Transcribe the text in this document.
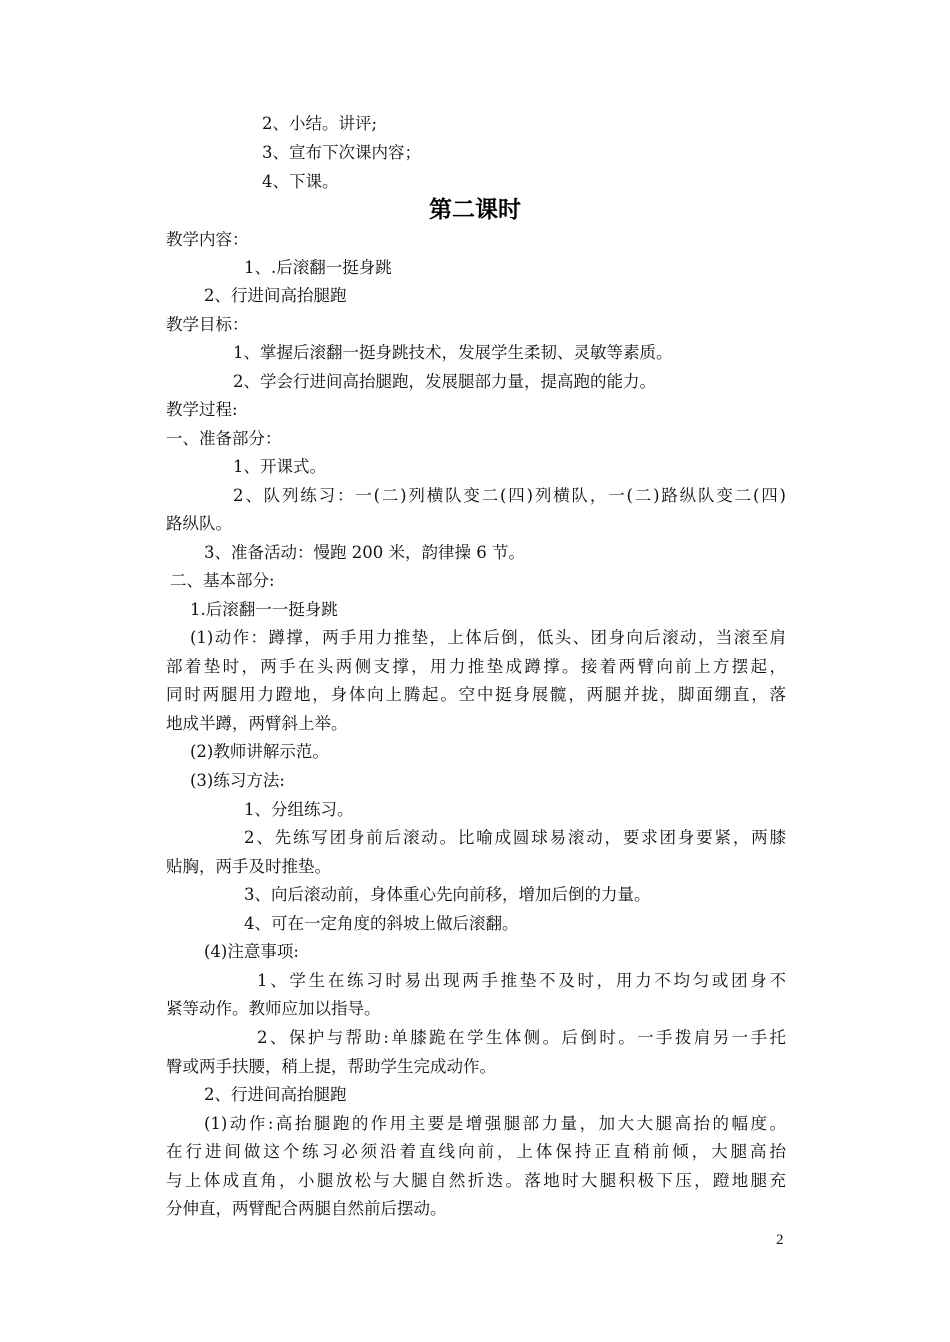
2、小结。讲评;
3、宣布下次课内容；
4、下课。
第二课时
教学内容：
1、.后滚翻一挺身跳
2、行进间高抬腿跑
教学目标：
1、掌握后滚翻一挺身跳技术，发展学生柔韧、灵敏等素质。
2、学会行进间高抬腿跑，发展腿部力量，提高跑的能力。
教学过程:
一、准备部分：
1、开课式。
2、队列练习：一(二)列横队变二(四)列横队，一(二)路纵队变二(四)
路纵队。
3、准备活动：慢跑 200 米，韵律操 6 节。
二、基本部分:
1.后滚翻一一挺身跳
(1)动作：蹲撑，两手用力推垫，上体后倒，低头、团身向后滚动，当滚至肩
部着垫时，两手在头两侧支撑，用力推垫成蹲撑。接着两臂向前上方摆起，
同时两腿用力蹬地，身体向上腾起。空中挺身展髋，两腿并拢，脚面绷直，落
地成半蹲，两臂斜上举。
(2)教师讲解示范。
(3)练习方法:
1、分组练习。
2、先练写团身前后滚动。比喻成圆球易滚动，要求团身要紧，两膝
贴胸，两手及时推垫。
3、向后滚动前，身体重心先向前移，增加后倒的力量。
4、可在一定角度的斜坡上做后滚翻。
(4)注意事项:
1、学生在练习时易出现两手推垫不及时，用力不均匀或团身不
紧等动作。教师应加以指导。
2、保护与帮助:单膝跪在学生体侧。后倒时。一手拨肩另一手托
臀或两手扶腰，稍上提，帮助学生完成动作。
2、行进间高抬腿跑
(1)动作:高抬腿跑的作用主要是增强腿部力量，加大大腿高抬的幅度。
在行进间做这个练习必须沿着直线向前，上体保持正直稍前倾，大腿高抬
与上体成直角，小腿放松与大腿自然折迭。落地时大腿积极下压，蹬地腿充
分伸直，两臂配合两腿自然前后摆动。
2
